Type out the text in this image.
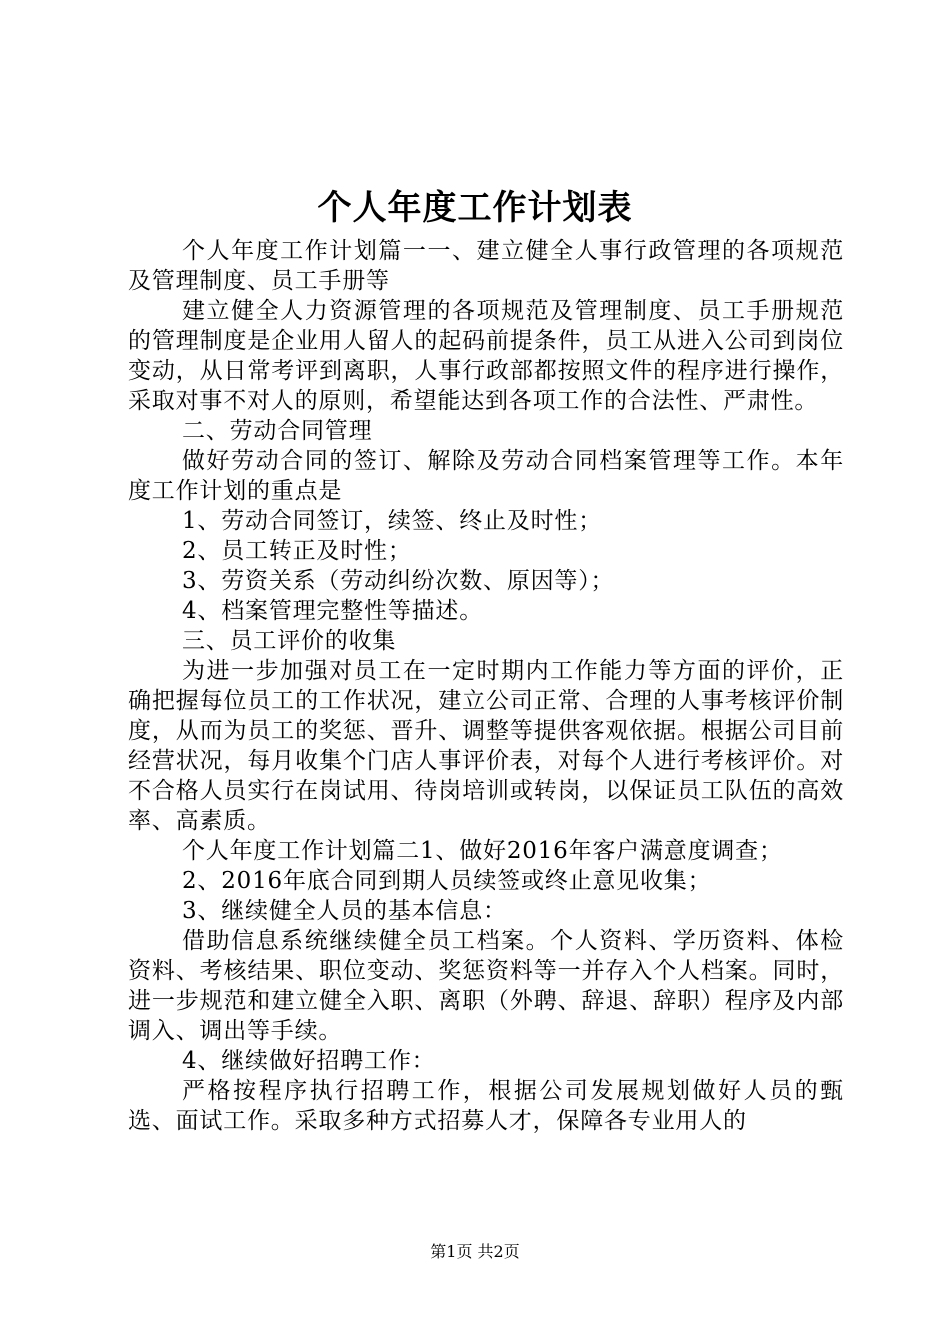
个人年度工作计划表

个人年度工作计划篇一一、建立健全人事行政管理的各项规范及管理制度、员工手册等

建立健全人力资源管理的各项规范及管理制度、员工手册规范的管理制度是企业用人留人的起码前提条件，员工从进入公司到岗位变动，从日常考评到离职，人事行政部都按照文件的程序进行操作，采取对事不对人的原则，希望能达到各项工作的合法性、严肃性。

二、劳动合同管理

做好劳动合同的签订、解除及劳动合同档案管理等工作。本年度工作计划的重点是

1、劳动合同签订，续签、终止及时性；

2、员工转正及时性；

3、劳资关系（劳动纠纷次数、原因等）；

4、档案管理完整性等描述。

三、员工评价的收集

为进一步加强对员工在一定时期内工作能力等方面的评价，正确把握每位员工的工作状况，建立公司正常、合理的人事考核评价制度，从而为员工的奖惩、晋升、调整等提供客观依据。根据公司目前经营状况，每月收集个门店人事评价表，对每个人进行考核评价。对不合格人员实行在岗试用、待岗培训或转岗，以保证员工队伍的高效率、高素质。

个人年度工作计划篇二1、做好2016年客户满意度调查；

2、2016年底合同到期人员续签或终止意见收集；

3、继续健全人员的基本信息：

借助信息系统继续健全员工档案。个人资料、学历资料、体检资料、考核结果、职位变动、奖惩资料等一并存入个人档案。同时，进一步规范和建立健全入职、离职（外聘、辞退、辞职）程序及内部调入、调出等手续。

4、继续做好招聘工作：

严格按程序执行招聘工作，根据公司发展规划做好人员的甄选、面试工作。采取多种方式招募人才，保障各专业用人的

第1页 共2页
